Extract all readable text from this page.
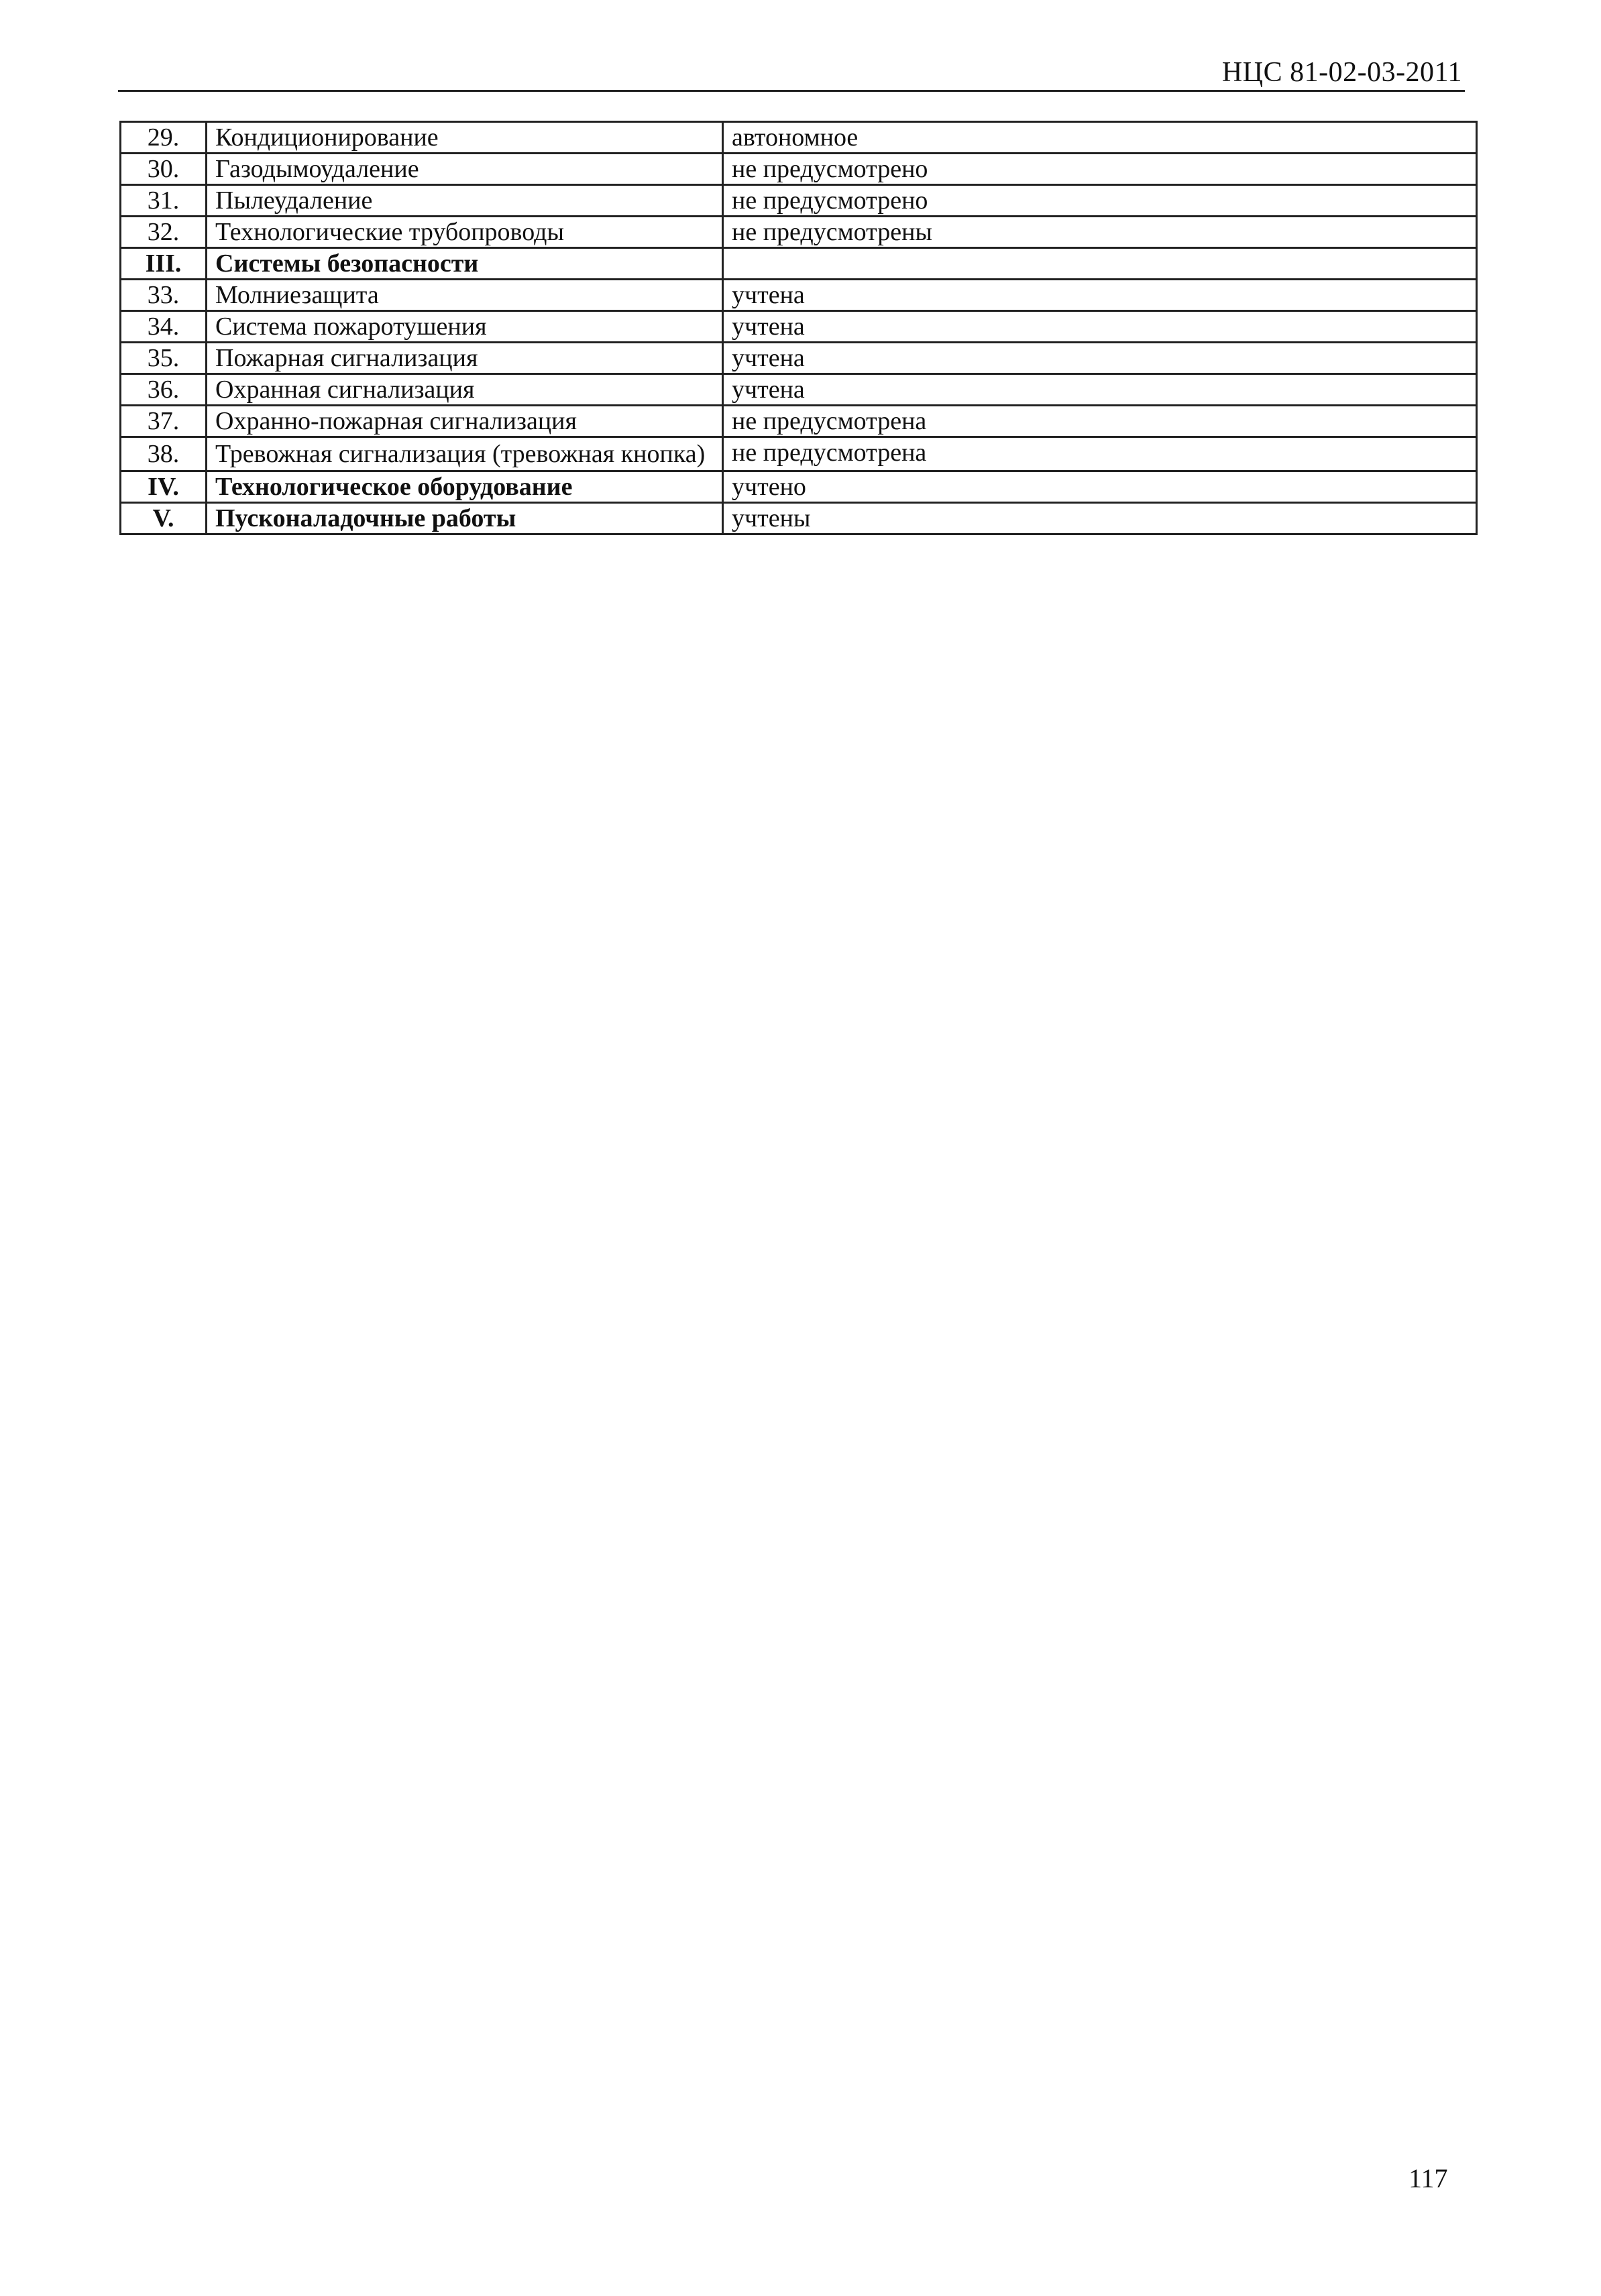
НЦС 81-02-03-2011
29.	Кондиционирование	автономное
30.	Газодымоудаление	не предусмотрено
31.	Пылеудаление	не предусмотрено
32.	Технологические трубопроводы	не предусмотрены
III.	Системы безопасности	
33.	Молниезащита	учтена
34.	Система пожаротушения	учтена
35.	Пожарная сигнализация	учтена
36.	Охранная сигнализация	учтена
37.	Охранно-пожарная сигнализация	не предусмотрена
38.	Тревожная сигнализация (тревожная кнопка)	не предусмотрена
IV.	Технологическое оборудование	учтено
V.	Пусконаладочные работы	учтены
117
